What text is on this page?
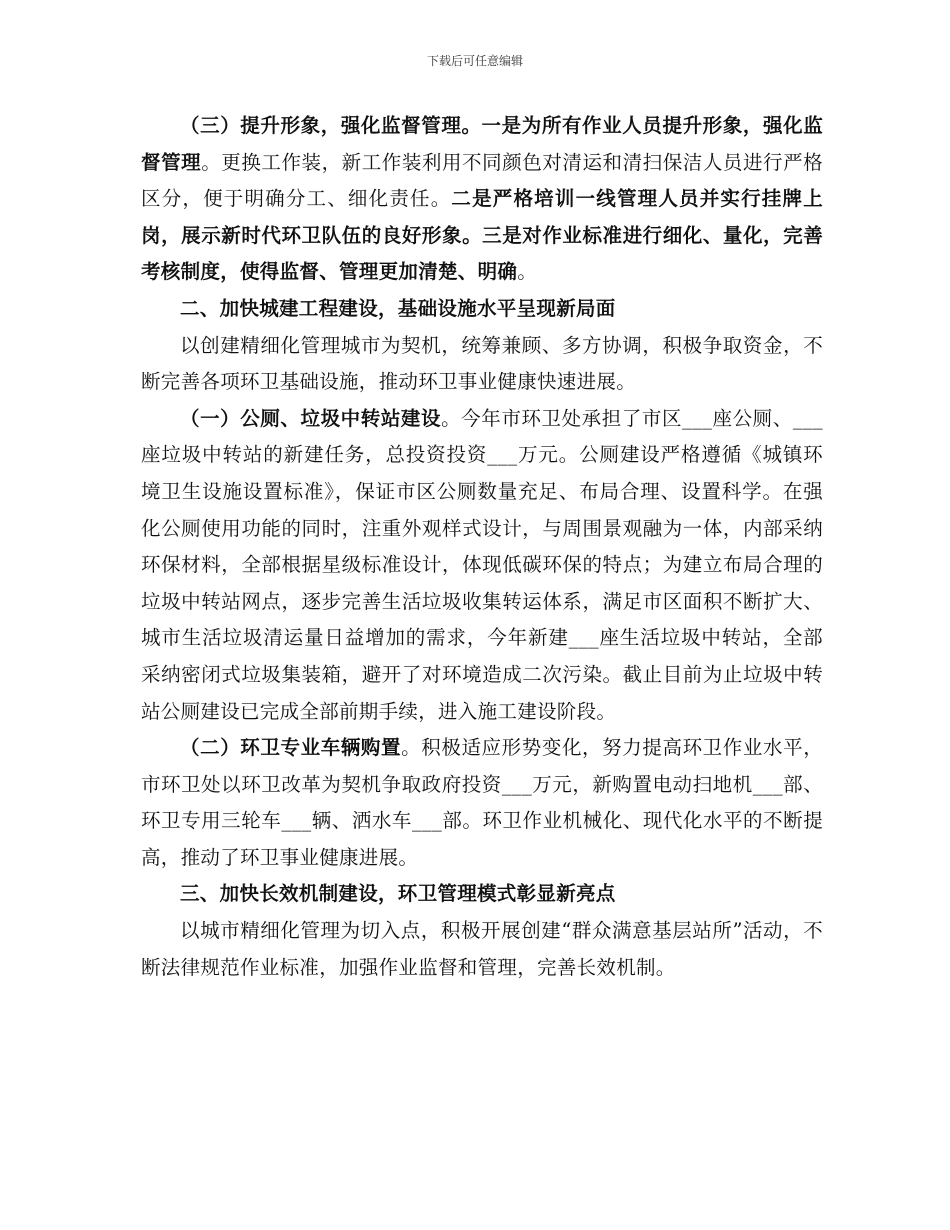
下载后可任意编辑

（三）提升形象，强化监督管理。一是为所有作业人员提升形象，强化监督管理。更换工作装，新工作装利用不同颜色对清运和清扫保洁人员进行严格区分，便于明确分工、细化责任。二是严格培训一线管理人员并实行挂牌上岗，展示新时代环卫队伍的良好形象。三是对作业标准进行细化、量化，完善考核制度，使得监督、管理更加清楚、明确。

二、加快城建工程建设，基础设施水平呈现新局面

以创建精细化管理城市为契机，统筹兼顾、多方协调，积极争取资金，不断完善各项环卫基础设施，推动环卫事业健康快速进展。

（一）公厕、垃圾中转站建设。今年市环卫处承担了市区___座公厕、___座垃圾中转站的新建任务，总投资投资___万元。公厕建设严格遵循《城镇环境卫生设施设置标准》，保证市区公厕数量充足、布局合理、设置科学。在强化公厕使用功能的同时，注重外观样式设计，与周围景观融为一体，内部采纳环保材料，全部根据星级标准设计，体现低碳环保的特点；为建立布局合理的垃圾中转站网点，逐步完善生活垃圾收集转运体系，满足市区面积不断扩大、城市生活垃圾清运量日益增加的需求，今年新建___座生活垃圾中转站，全部采纳密闭式垃圾集装箱，避开了对环境造成二次污染。截止目前为止垃圾中转站公厕建设已完成全部前期手续，进入施工建设阶段。

（二）环卫专业车辆购置。积极适应形势变化，努力提高环卫作业水平，市环卫处以环卫改革为契机争取政府投资___万元，新购置电动扫地机___部、环卫专用三轮车___辆、洒水车___部。环卫作业机械化、现代化水平的不断提高，推动了环卫事业健康进展。

三、加快长效机制建设，环卫管理模式彰显新亮点

以城市精细化管理为切入点，积极开展创建“群众满意基层站所”活动，不断法律规范作业标准，加强作业监督和管理，完善长效机制。
